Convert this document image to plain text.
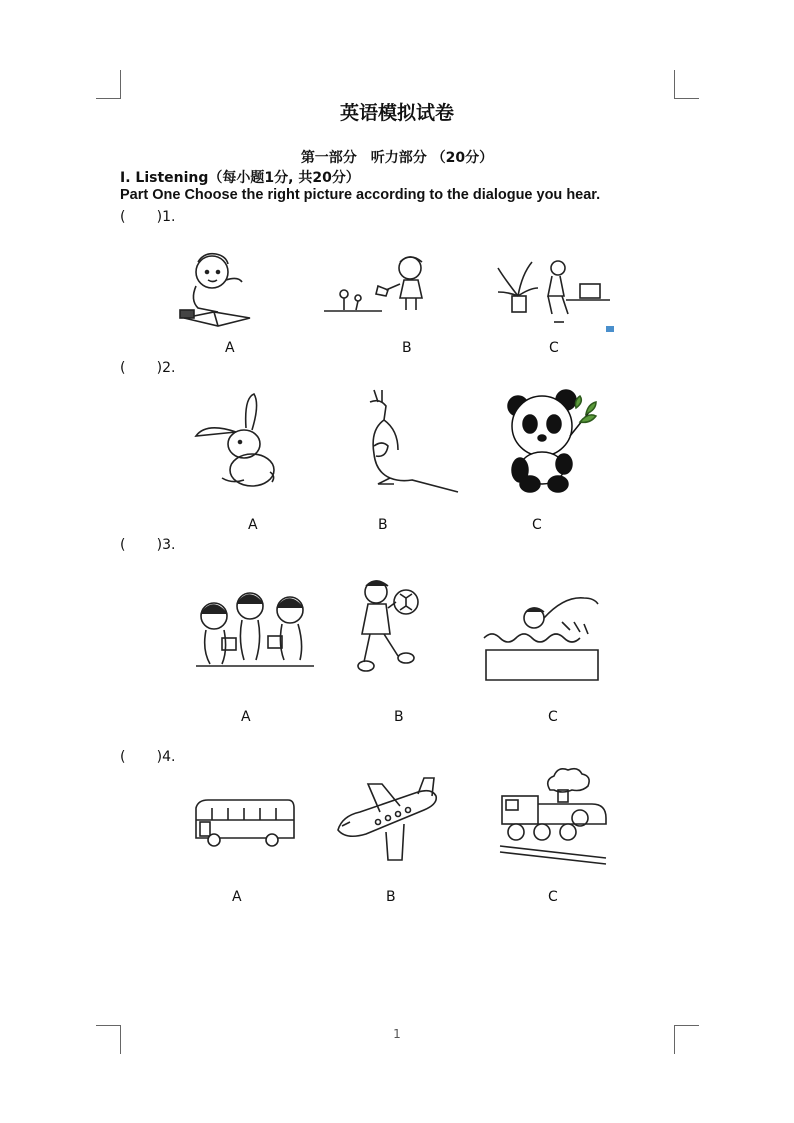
英语模拟试卷
第一部分　听力部分 （20分）
I. Listening（每小题1分, 共20分）
Part One Choose the right picture according to the dialogue you hear.
(       )1.
A	B	C
(       )2.
A	B	C
(       )3.
A	B	C
(       )4.
A	B	C
1
